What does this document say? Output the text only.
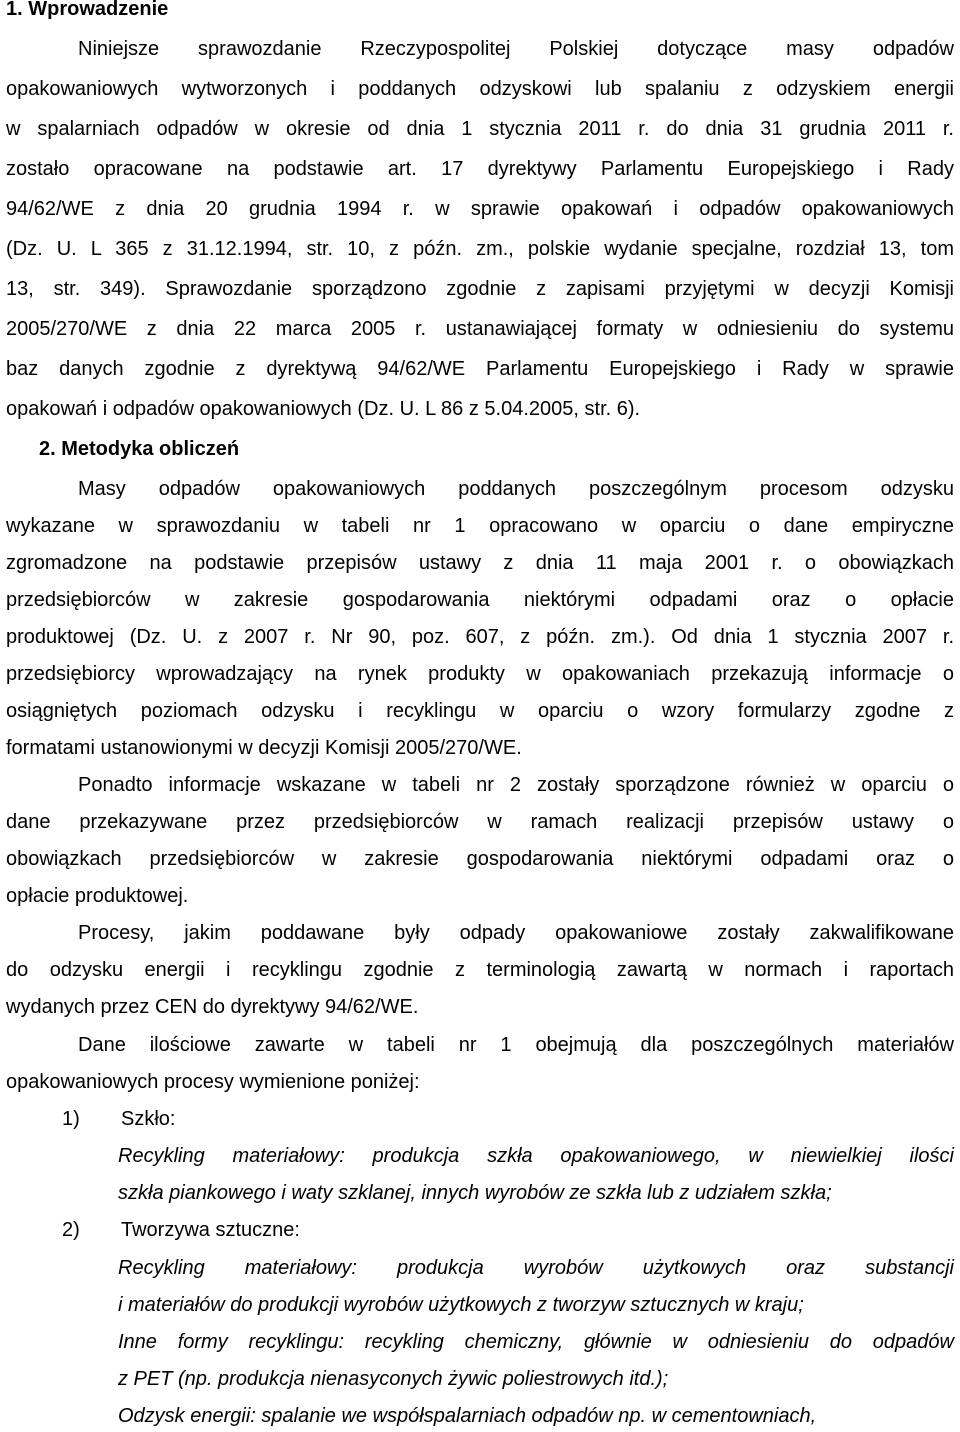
1. Wprowadzenie
Niniejsze sprawozdanie Rzeczypospolitej Polskiej dotyczące masy odpadów
opakowaniowych wytworzonych i poddanych odzyskowi lub spalaniu z odzyskiem energii
w spalarniach odpadów w okresie od dnia 1 stycznia 2011 r. do dnia 31 grudnia 2011 r.
zostało opracowane na podstawie art. 17 dyrektywy Parlamentu Europejskiego i Rady
94/62/WE z dnia 20 grudnia 1994 r. w sprawie opakowań i odpadów opakowaniowych
(Dz. U. L 365 z 31.12.1994, str. 10, z późn. zm., polskie wydanie specjalne, rozdział 13, tom
13, str. 349). Sprawozdanie sporządzono zgodnie z zapisami przyjętymi w decyzji Komisji
2005/270/WE z dnia 22 marca 2005 r. ustanawiającej formaty w odniesieniu do systemu
baz danych zgodnie z dyrektywą 94/62/WE Parlamentu Europejskiego i Rady w sprawie
opakowań i odpadów opakowaniowych (Dz. U. L 86 z 5.04.2005, str. 6).
2. Metodyka obliczeń
Masy odpadów opakowaniowych poddanych poszczególnym procesom odzysku
wykazane w sprawozdaniu w tabeli nr 1 opracowano w oparciu o dane empiryczne
zgromadzone na podstawie przepisów ustawy z dnia 11 maja 2001 r. o obowiązkach
przedsiębiorców w zakresie gospodarowania niektórymi odpadami oraz o opłacie
produktowej (Dz. U. z 2007 r. Nr 90, poz. 607, z późn. zm.). Od dnia 1 stycznia 2007 r.
przedsiębiorcy wprowadzający na rynek produkty w opakowaniach przekazują informacje o
osiągniętych poziomach odzysku i recyklingu w oparciu o wzory formularzy zgodne z
formatami ustanowionymi w decyzji Komisji 2005/270/WE.
Ponadto informacje wskazane w tabeli nr 2 zostały sporządzone również w oparciu o
dane przekazywane przez przedsiębiorców w ramach realizacji przepisów ustawy o
obowiązkach przedsiębiorców w zakresie gospodarowania niektórymi odpadami oraz o
opłacie produktowej.
Procesy, jakim poddawane były odpady opakowaniowe zostały zakwalifikowane
do odzysku energii i recyklingu zgodnie z terminologią zawartą w normach i raportach
wydanych przez CEN do dyrektywy 94/62/WE.
Dane ilościowe zawarte w tabeli nr 1 obejmują dla poszczególnych materiałów
opakowaniowych procesy wymienione poniżej:
1) Szkło:
Recykling materiałowy: produkcja szkła opakowaniowego, w niewielkiej ilości
szkła piankowego i waty szklanej, innych wyrobów ze szkła lub z udziałem szkła;
2) Tworzywa sztuczne:
Recykling materiałowy: produkcja wyrobów użytkowych oraz substancji
i materiałów do produkcji wyrobów użytkowych z tworzyw sztucznych w kraju;
Inne formy recyklingu: recykling chemiczny, głównie w odniesieniu do odpadów
z PET (np. produkcja nienasyconych żywic poliestrowych itd.);
Odzysk energii: spalanie we współspalarniach odpadów np. w cementowniach,
